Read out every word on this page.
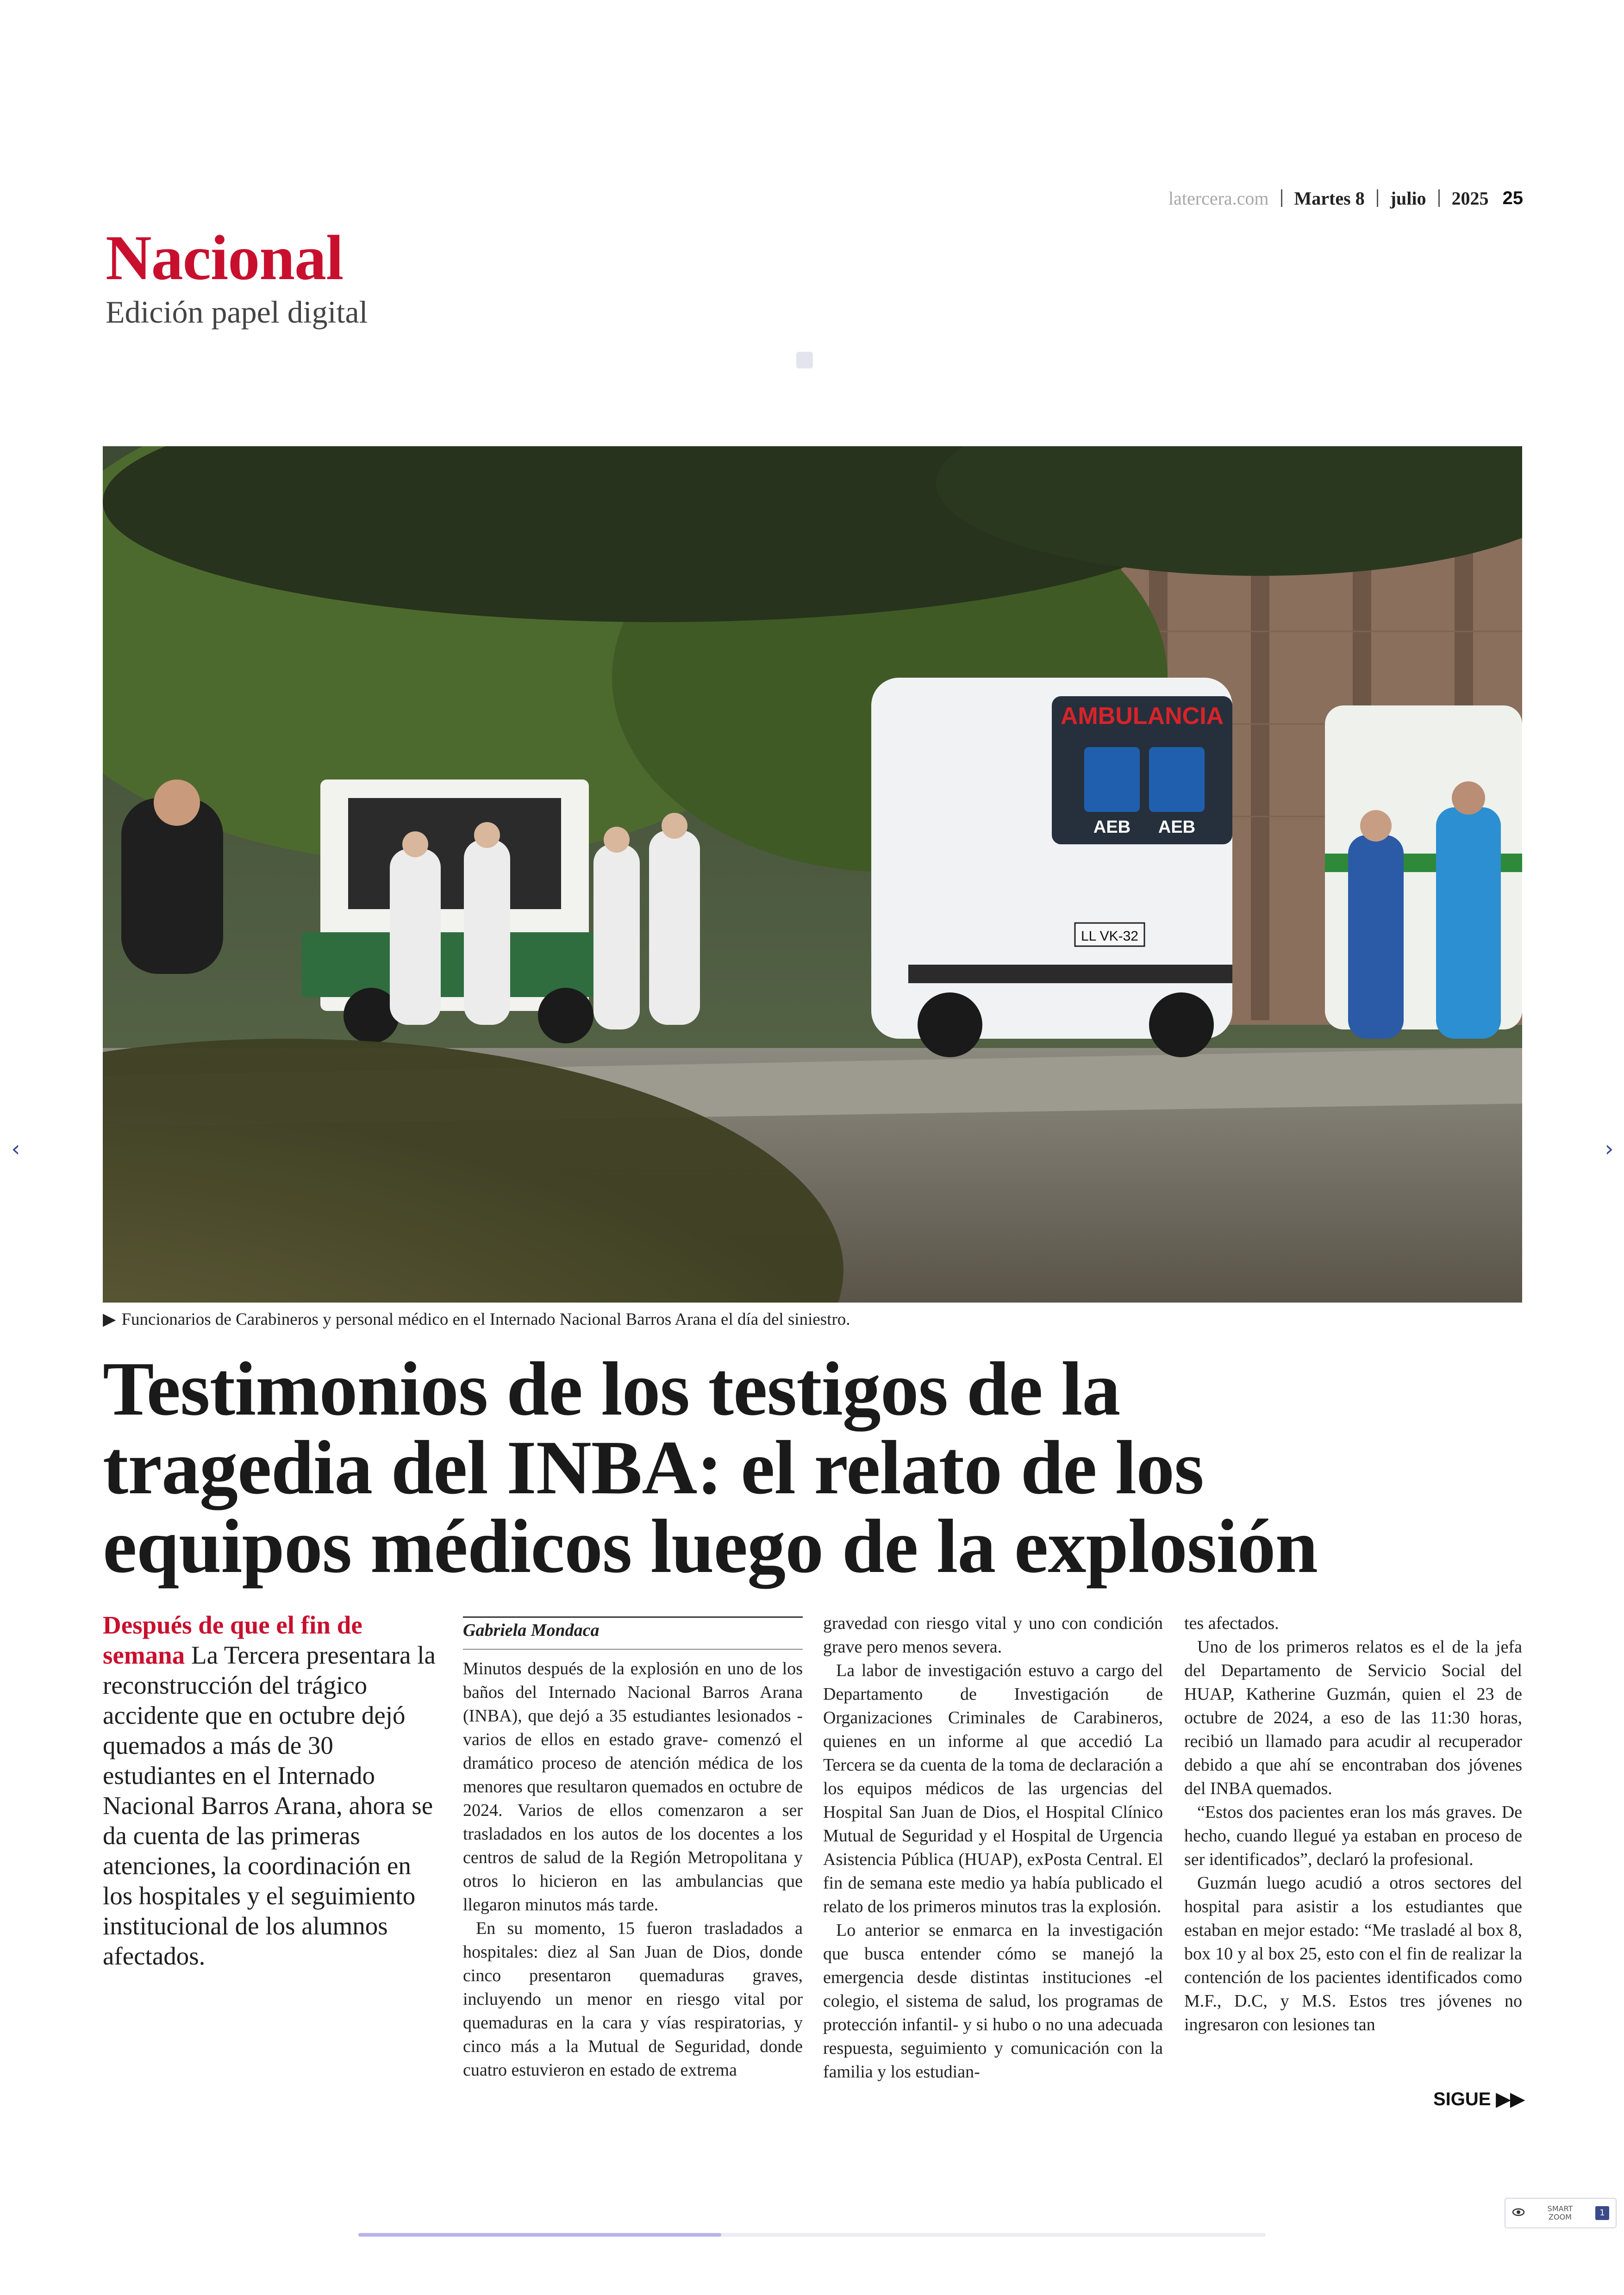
latercera.com Martes 8 julio 2025 25
Nacional
Edición papel digital
AMBULANCIA
AEB AEB
LL VK-32
▶ Funcionarios de Carabineros y personal médico en el Internado Nacional Barros Arana el día del siniestro.
Testimonios de los testigos de la
tragedia del INBA: el relato de los
equipos médicos luego de la explosión
Después de que el fin de semana La Tercera presentara la reconstrucción del trágico accidente que en octubre dejó quemados a más de 30 estudiantes en el Internado Nacional Barros Arana, ahora se da cuenta de las primeras atenciones, la coordinación en los hospitales y el seguimiento institucional de los alumnos afectados.
Gabriela Mondaca

Minutos después de la explosión en uno de los baños del Internado Nacional Barros Arana (INBA), que dejó a 35 estudiantes lesionados -varios de ellos en estado grave- comenzó el dramático proceso de atención médica de los menores que resultaron quemados en octubre de 2024. Varios de ellos comenzaron a ser trasladados en los autos de los docentes a los centros de salud de la Región Metropolitana y otros lo hicieron en las ambulancias que llegaron minutos más tarde.

En su momento, 15 fueron trasladados a hospitales: diez al San Juan de Dios, donde cinco presentaron quemaduras graves, incluyendo un menor en riesgo vital por quemaduras en la cara y vías respiratorias, y cinco más a la Mutual de Seguridad, donde cuatro estuvieron en estado de extrema

gravedad con riesgo vital y uno con condición grave pero menos severa.

La labor de investigación estuvo a cargo del Departamento de Investigación de Organizaciones Criminales de Carabineros, quienes en un informe al que accedió La Tercera se da cuenta de la toma de declaración a los equipos médicos de las urgencias del Hospital San Juan de Dios, el Hospital Clínico Mutual de Seguridad y el Hospital de Urgencia Asistencia Pública (HUAP), exPosta Central. El fin de semana este medio ya había publicado el relato de los primeros minutos tras la explosión.

Lo anterior se enmarca en la investigación que busca entender cómo se manejó la emergencia desde distintas instituciones -el colegio, el sistema de salud, los programas de protección infantil- y si hubo o no una adecuada respuesta, seguimiento y comunicación con la familia y los estudian-

tes afectados.

Uno de los primeros relatos es el de la jefa del Departamento de Servicio Social del HUAP, Katherine Guzmán, quien el 23 de octubre de 2024, a eso de las 11:30 horas, recibió un llamado para acudir al recuperador debido a que ahí se encontraban dos jóvenes del INBA quemados.

“Estos dos pacientes eran los más graves. De hecho, cuando llegué ya estaban en proceso de ser identificados”, declaró la profesional.

Guzmán luego acudió a otros sectores del hospital para asistir a los estudiantes que estaban en mejor estado: “Me trasladé al box 8, box 10 y al box 25, esto con el fin de realizar la contención de los pacientes identificados como M.F., D.C, y M.S. Estos tres jóvenes no ingresaron con lesiones tan

SIGUE ▶▶
‹	›
SMART
ZOOM	1
